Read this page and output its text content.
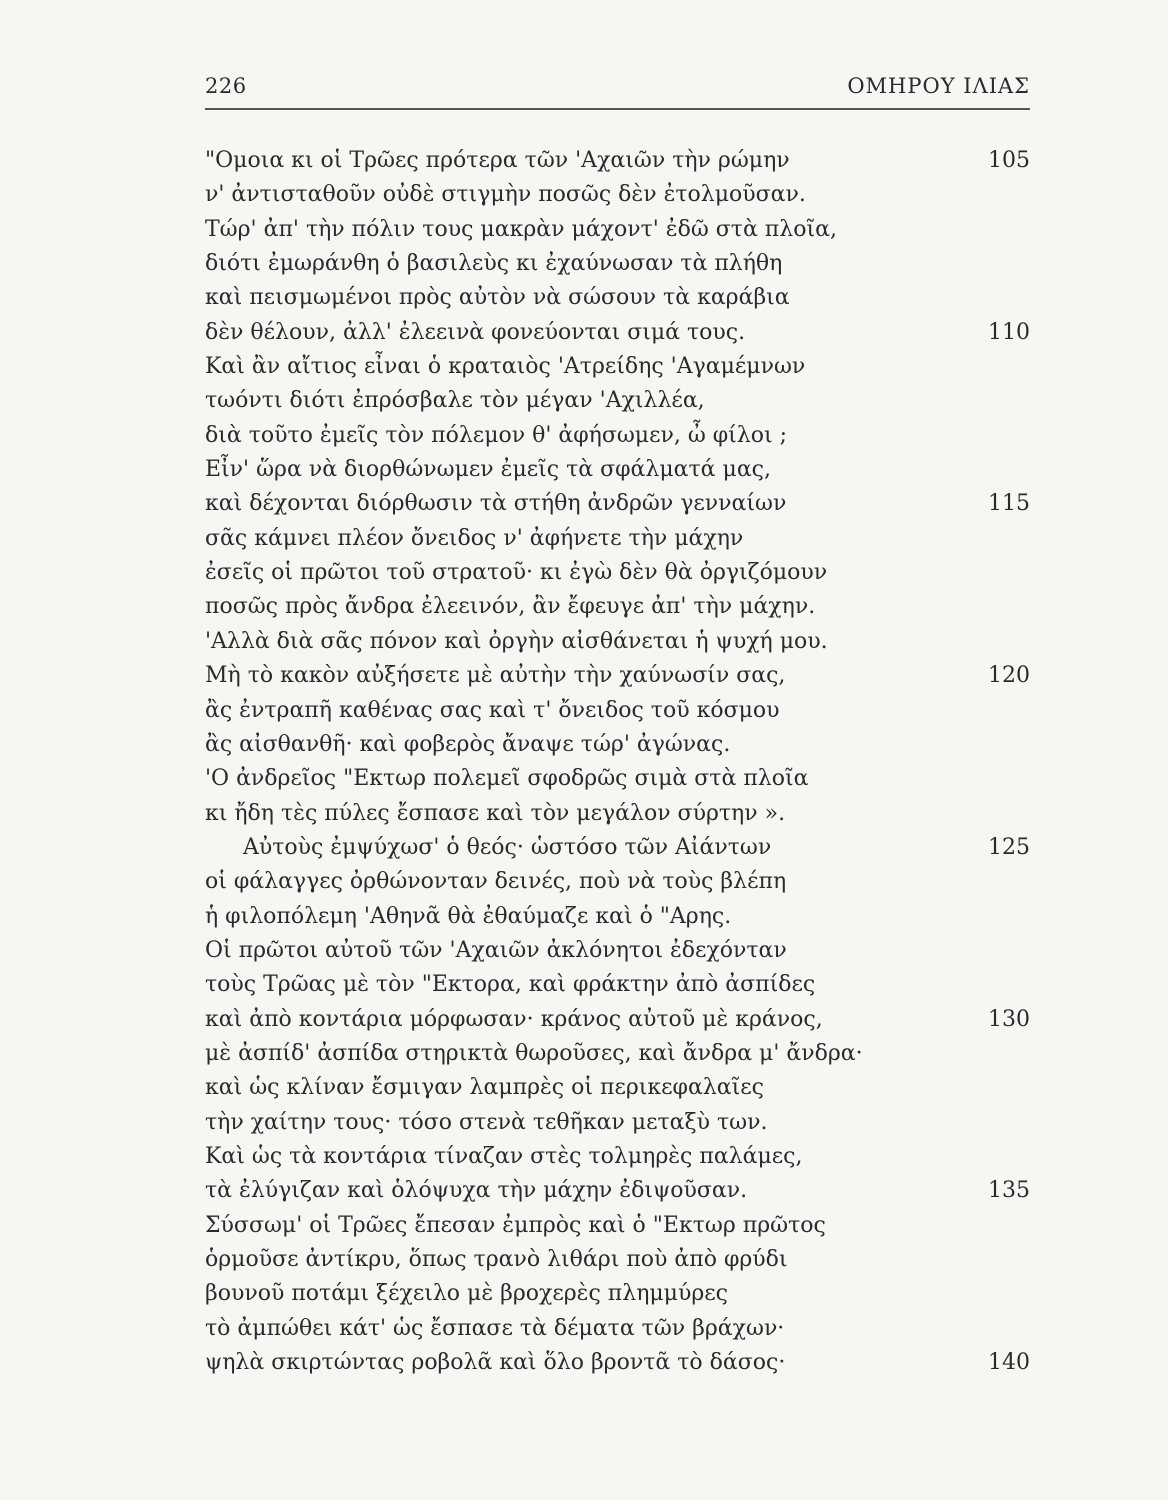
226	ΟΜΗΡΟΥ ΙΛΙΑΣ
"Ομοια κι οἱ Τρῶες πρότερα τῶν 'Αχαιῶν τὴν ρώμην	105
ν' ἀντισταθοῦν οὐδὲ στιγμὴν ποσῶς δὲν ἐτολμοῦσαν.
Τώρ' ἀπ' τὴν πόλιν τους μακρὰν μάχοντ' ἐδῶ στὰ πλοῖα,
διότι ἐμωράνθη ὁ βασιλεὺς κι ἐχαύνωσαν τὰ πλήθη
καὶ πεισμωμένοι πρὸς αὐτὸν νὰ σώσουν τὰ καράβια
δὲν θέλουν, ἀλλ' ἐλεεινὰ φονεύονται σιμά τους.	110
Καὶ ἂν αἴτιος εἶναι ὁ κραταιὸς 'Ατρείδης 'Αγαμέμνων
τωόντι διότι ἐπρόσβαλε τὸν μέγαν 'Αχιλλέα,
διὰ τοῦτο ἐμεῖς τὸν πόλεμον θ' ἀφήσωμεν, ὦ φίλοι ;
Εἶν' ὥρα νὰ διορθώνωμεν ἐμεῖς τὰ σφάλματά μας,
καὶ δέχονται διόρθωσιν τὰ στήθη ἀνδρῶν γενναίων	115
σᾶς κάμνει πλέον ὄνειδος ν' ἀφήνετε τὴν μάχην
ἐσεῖς οἱ πρῶτοι τοῦ στρατοῦ· κι ἐγὼ δὲν θὰ ὀργιζόμουν
ποσῶς πρὸς ἄνδρα ἐλεεινόν, ἂν ἔφευγε ἀπ' τὴν μάχην.
'Αλλὰ διὰ σᾶς πόνον καὶ ὀργὴν αἰσθάνεται ἡ ψυχή μου.
Μὴ τὸ κακὸν αὐξήσετε μὲ αὐτὴν τὴν χαύνωσίν σας,	120
ἂς ἐντραπῆ καθένας σας καὶ τ' ὄνειδος τοῦ κόσμου
ἂς αἰσθανθῆ· καὶ φοβερὸς ἄναψε τώρ' ἀγώνας.
'Ο ἀνδρεῖος "Εκτωρ πολεμεῖ σφοδρῶς σιμὰ στὰ πλοῖα
κι ἤδη τὲς πύλες ἔσπασε καὶ τὸν μεγάλον σύρτην ».
Αὐτοὺς ἐμψύχωσ' ὁ θεός· ὡστόσο τῶν Αἰάντων	125
οἱ φάλαγγες ὀρθώνονταν δεινές, ποὺ νὰ τοὺς βλέπη
ἡ φιλοπόλεμη 'Αθηνᾶ θὰ ἐθαύμαζε καὶ ὁ "Αρης.
Οἱ πρῶτοι αὐτοῦ τῶν 'Αχαιῶν ἀκλόνητοι ἐδεχόνταν
τοὺς Τρῶας μὲ τὸν "Εκτορα, καὶ φράκτην ἀπὸ ἀσπίδες
καὶ ἀπὸ κοντάρια μόρφωσαν· κράνος αὐτοῦ μὲ κράνος,	130
μὲ ἀσπίδ' ἀσπίδα στηρικτὰ θωροῦσες, καὶ ἄνδρα μ' ἄνδρα·
καὶ ὡς κλίναν ἔσμιγαν λαμπρὲς οἱ περικεφαλαῖες
τὴν χαίτην τους· τόσο στενὰ τεθῆκαν μεταξὺ των.
Καὶ ὡς τὰ κοντάρια τίναζαν στὲς τολμηρὲς παλάμες,
τὰ ἐλύγιζαν καὶ ὁλόψυχα τὴν μάχην ἐδιψοῦσαν.	135
Σύσσωμ' οἱ Τρῶες ἔπεσαν ἐμπρὸς καὶ ὁ "Εκτωρ πρῶτος
ὁρμοῦσε ἀντίκρυ, ὅπως τρανὸ λιθάρι ποὺ ἀπὸ φρύδι
βουνοῦ ποτάμι ξέχειλο μὲ βροχερὲς πλημμύρες
τὸ ἀμπώθει κάτ' ὡς ἔσπασε τὰ δέματα τῶν βράχων·
ψηλὰ σκιρτώντας ροβολᾶ καὶ ὅλο βροντᾶ τὸ δάσος·	140
